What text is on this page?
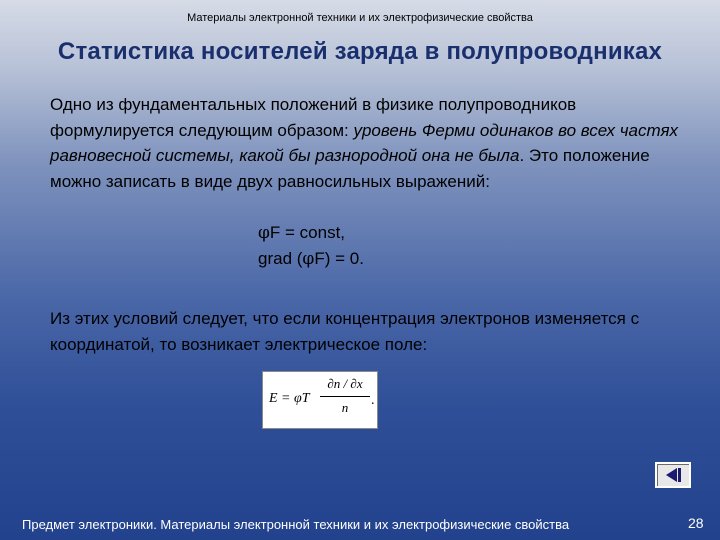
Материалы электронной техники и их электрофизические свойства
Статистика носителей заряда в полупроводниках
Одно из фундаментальных положений в физике полупроводников формулируется следующим образом: уровень Ферми одинаков во всех частях равновесной системы, какой бы разнородной она не была. Это положение можно записать в виде двух равносильных выражений:
φF = const,
grad (φF) = 0.
Из этих условий следует, что если концентрация электронов изменяется с координатой, то возникает электрическое поле:
E = φT
∂n / ∂x
n	.
Предмет электроники. Материалы электронной техники и их электрофизические свойства	28
